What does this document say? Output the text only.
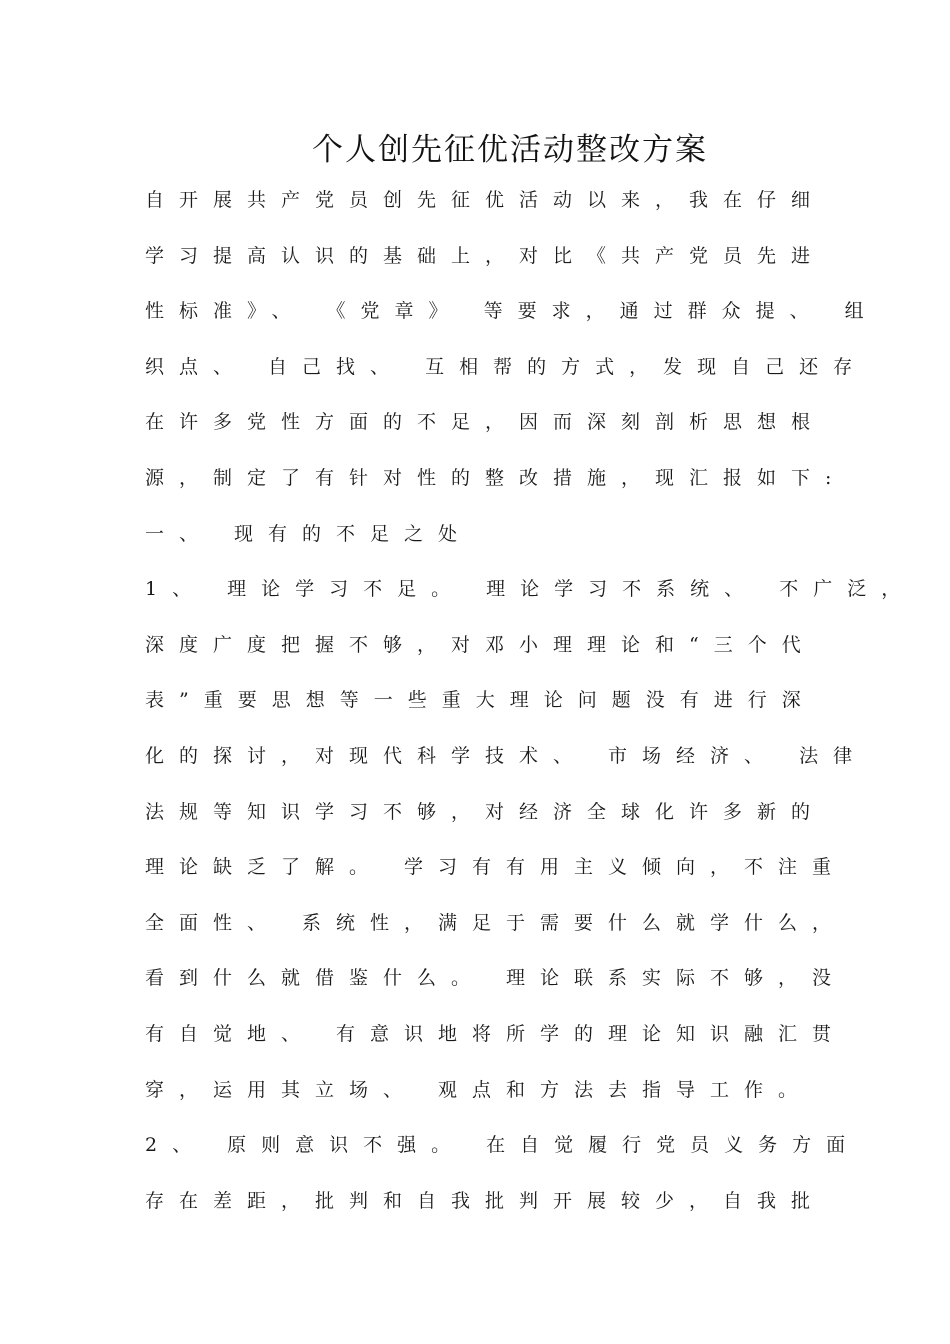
个人创先征优活动整改方案
自开展共产党员创先征优活动以来，我在仔细
学习提高认识的基础上，对比《共产党员先进
性标准》、 《党章》 等要求，通过群众提、 组
织点、 自己找、 互相帮的方式，发现自己还存
在许多党性方面的不足，因而深刻剖析思想根
源，制定了有针对性的整改措施，现汇报如下:
一、 现有的不足之处
1、 理论学习不足。 理论学习不系统、 不广泛，
深度广度把握不够，对邓小理理论和“三个代
表”重要思想等一些重大理论问题没有进行深
化的探讨，对现代科学技术、 市场经济、 法律
法规等知识学习不够，对经济全球化许多新的
理论缺乏了解。 学习有有用主义倾向，不注重
全面性、 系统性，满足于需要什么就学什么，
看到什么就借鉴什么。 理论联系实际不够，没
有自觉地、 有意识地将所学的理论知识融汇贯
穿，运用其立场、 观点和方法去指导工作。
2、 原则意识不强。 在自觉履行党员义务方面
存在差距，批判和自我批判开展较少，自我批
